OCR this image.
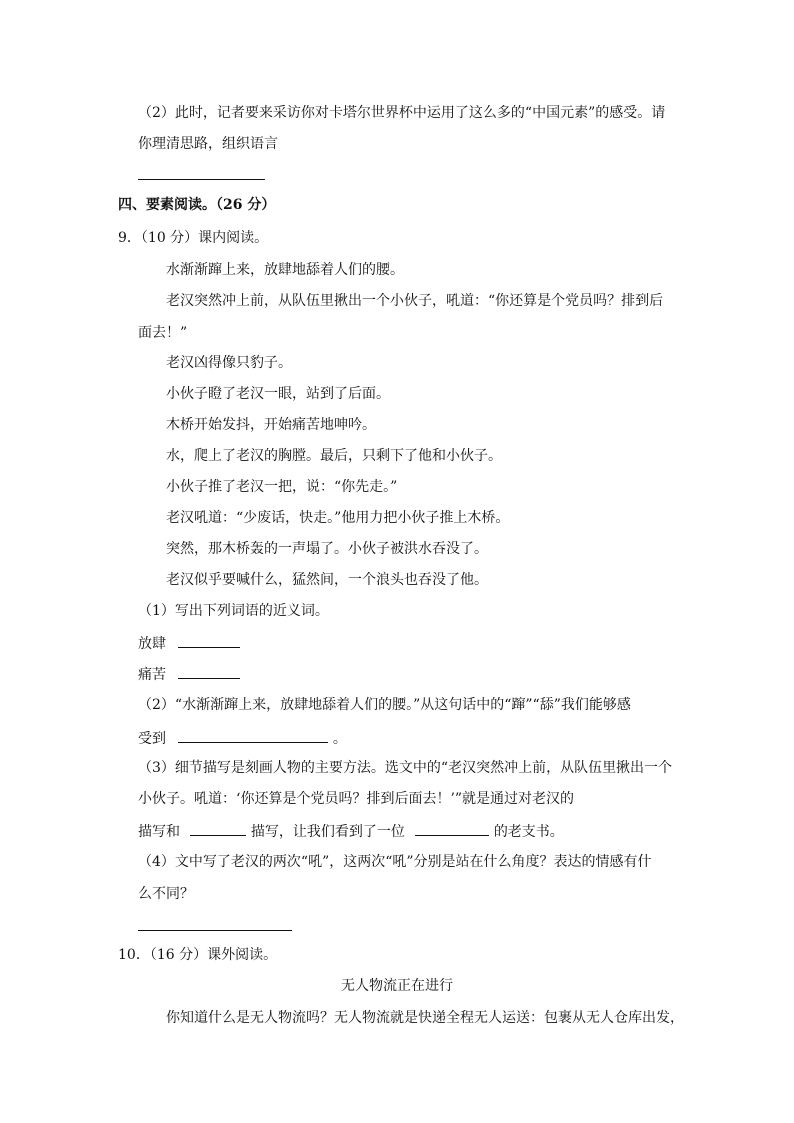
（2）此时，记者要来采访你对卡塔尔世界杯中运用了这么多的“中国元素”的感受。请
你理清思路，组织语言
四、要素阅读。（26 分）
9．（10 分）课内阅读。
水渐渐蹿上来，放肆地舔着人们的腰。
老汉突然冲上前，从队伍里揪出一个小伙子，吼道：“你还算是个党员吗？排到后
面去！”
老汉凶得像只豹子。
小伙子瞪了老汉一眼，站到了后面。
木桥开始发抖，开始痛苦地呻吟。
水，爬上了老汉的胸膛。最后，只剩下了他和小伙子。
小伙子推了老汉一把，说：“你先走。”
老汉吼道：“少废话，快走。”他用力把小伙子推上木桥。
突然，那木桥轰的一声塌了。小伙子被洪水吞没了。
老汉似乎要喊什么，猛然间，一个浪头也吞没了他。
（1）写出下列词语的近义词。
放肆
痛苦
（2）“水渐渐蹿上来，放肆地舔着人们的腰。”从这句话中的“蹿”“舔”我们能够感
受到	。
（3）细节描写是刻画人物的主要方法。选文中的“老汉突然冲上前，从队伍里揪出一个
小伙子。吼道：‘你还算是个党员吗？排到后面去！’”就是通过对老汉的
描写和	描写，让我们看到了一位	的老支书。
（4）文中写了老汉的两次“吼”，这两次“吼”分别是站在什么角度？表达的情感有什
么不同？
10．（16 分）课外阅读。
无人物流正在进行
你知道什么是无人物流吗？无人物流就是快递全程无人运送：包裹从无人仓库出发，
